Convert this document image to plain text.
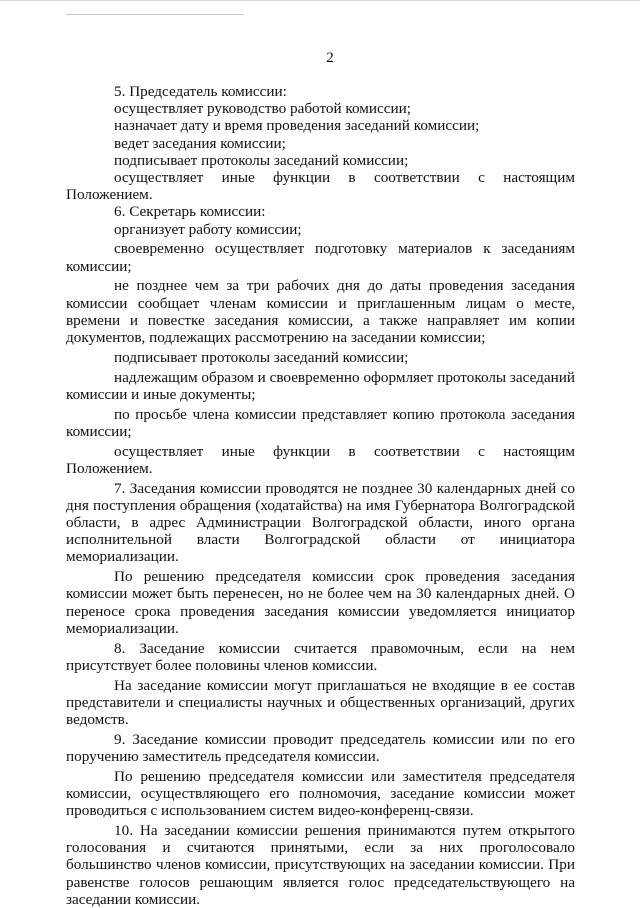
2

5. Председатель комиссии:

осуществляет руководство работой комиссии;

назначает дату и время проведения заседаний комиссии;

ведет заседания комиссии;

подписывает протоколы заседаний комиссии;

осуществляет иные функции в соответствии с настоящим Положением.

6. Секретарь комиссии:

организует работу комиссии;

своевременно осуществляет подготовку материалов к заседаниям комиссии;

не позднее чем за три рабочих дня до даты проведения заседания комиссии сообщает членам комиссии и приглашенным лицам о месте, времени и повестке заседания комиссии, а также направляет им копии документов, подлежащих рассмотрению на заседании комиссии;

подписывает протоколы заседаний комиссии;

надлежащим образом и своевременно оформляет протоколы заседаний комиссии и иные документы;

по просьбе члена комиссии представляет копию протокола заседания комиссии;

осуществляет иные функции в соответствии с настоящим Положением.

7. Заседания комиссии проводятся не позднее 30 календарных дней со дня поступления обращения (ходатайства) на имя Губернатора Волгоградской области, в адрес Администрации Волгоградской области, иного органа исполнительной власти Волгоградской области от инициатора мемориализации.

По решению председателя комиссии срок проведения заседания комиссии может быть перенесен, но не более чем на 30 календарных дней. О переносе срока проведения заседания комиссии уведомляется инициатор мемориализации.

8. Заседание комиссии считается правомочным, если на нем присутствует более половины членов комиссии.

На заседание комиссии могут приглашаться не входящие в ее состав представители и специалисты научных и общественных организаций, других ведомств.

9. Заседание комиссии проводит председатель комиссии или по его поручению заместитель председателя комиссии.

По решению председателя комиссии или заместителя председателя комиссии, осуществляющего его полномочия, заседание комиссии может проводиться с использованием систем видео-конференц-связи.

10. На заседании комиссии решения принимаются путем открытого голосования и считаются принятыми, если за них проголосовало большинство членов комиссии, присутствующих на заседании комиссии. При равенстве голосов решающим является голос председательствующего на заседании комиссии.
